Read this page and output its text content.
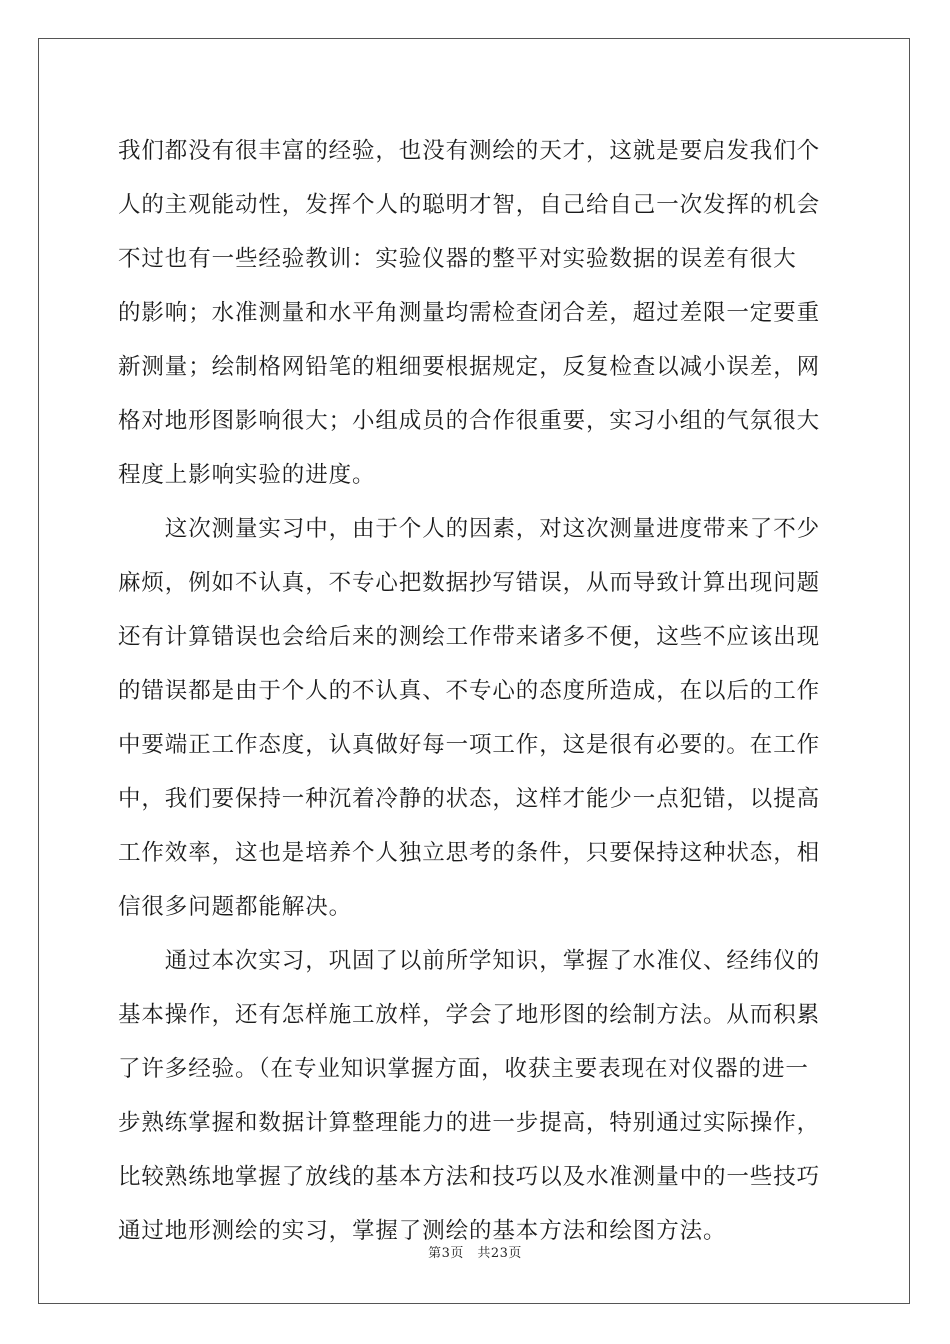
我们都没有很丰富的经验，也没有测绘的天才，这就是要启发我们个
人的主观能动性，发挥个人的聪明才智，自己给自己一次发挥的机会
不过也有一些经验教训：实验仪器的整平对实验数据的误差有很大
的影响；水准测量和水平角测量均需检查闭合差，超过差限一定要重
新测量；绘制格网铅笔的粗细要根据规定，反复检查以减小误差，网
格对地形图影响很大；小组成员的合作很重要，实习小组的气氛很大
程度上影响实验的进度。
　　这次测量实习中，由于个人的因素，对这次测量进度带来了不少
麻烦，例如不认真，不专心把数据抄写错误，从而导致计算出现问题
还有计算错误也会给后来的测绘工作带来诸多不便，这些不应该出现
的错误都是由于个人的不认真、不专心的态度所造成，在以后的工作
中要端正工作态度，认真做好每一项工作，这是很有必要的。在工作
中，我们要保持一种沉着冷静的状态，这样才能少一点犯错，以提高
工作效率，这也是培养个人独立思考的条件，只要保持这种状态，相
信很多问题都能解决。
　　通过本次实习，巩固了以前所学知识，掌握了水准仪、经纬仪的
基本操作，还有怎样施工放样，学会了地形图的绘制方法。从而积累
了许多经验。（在专业知识掌握方面，收获主要表现在对仪器的进一
步熟练掌握和数据计算整理能力的进一步提高，特别通过实际操作，
比较熟练地掌握了放线的基本方法和技巧以及水准测量中的一些技巧
通过地形测绘的实习，掌握了测绘的基本方法和绘图方法。
第3页　共23页
